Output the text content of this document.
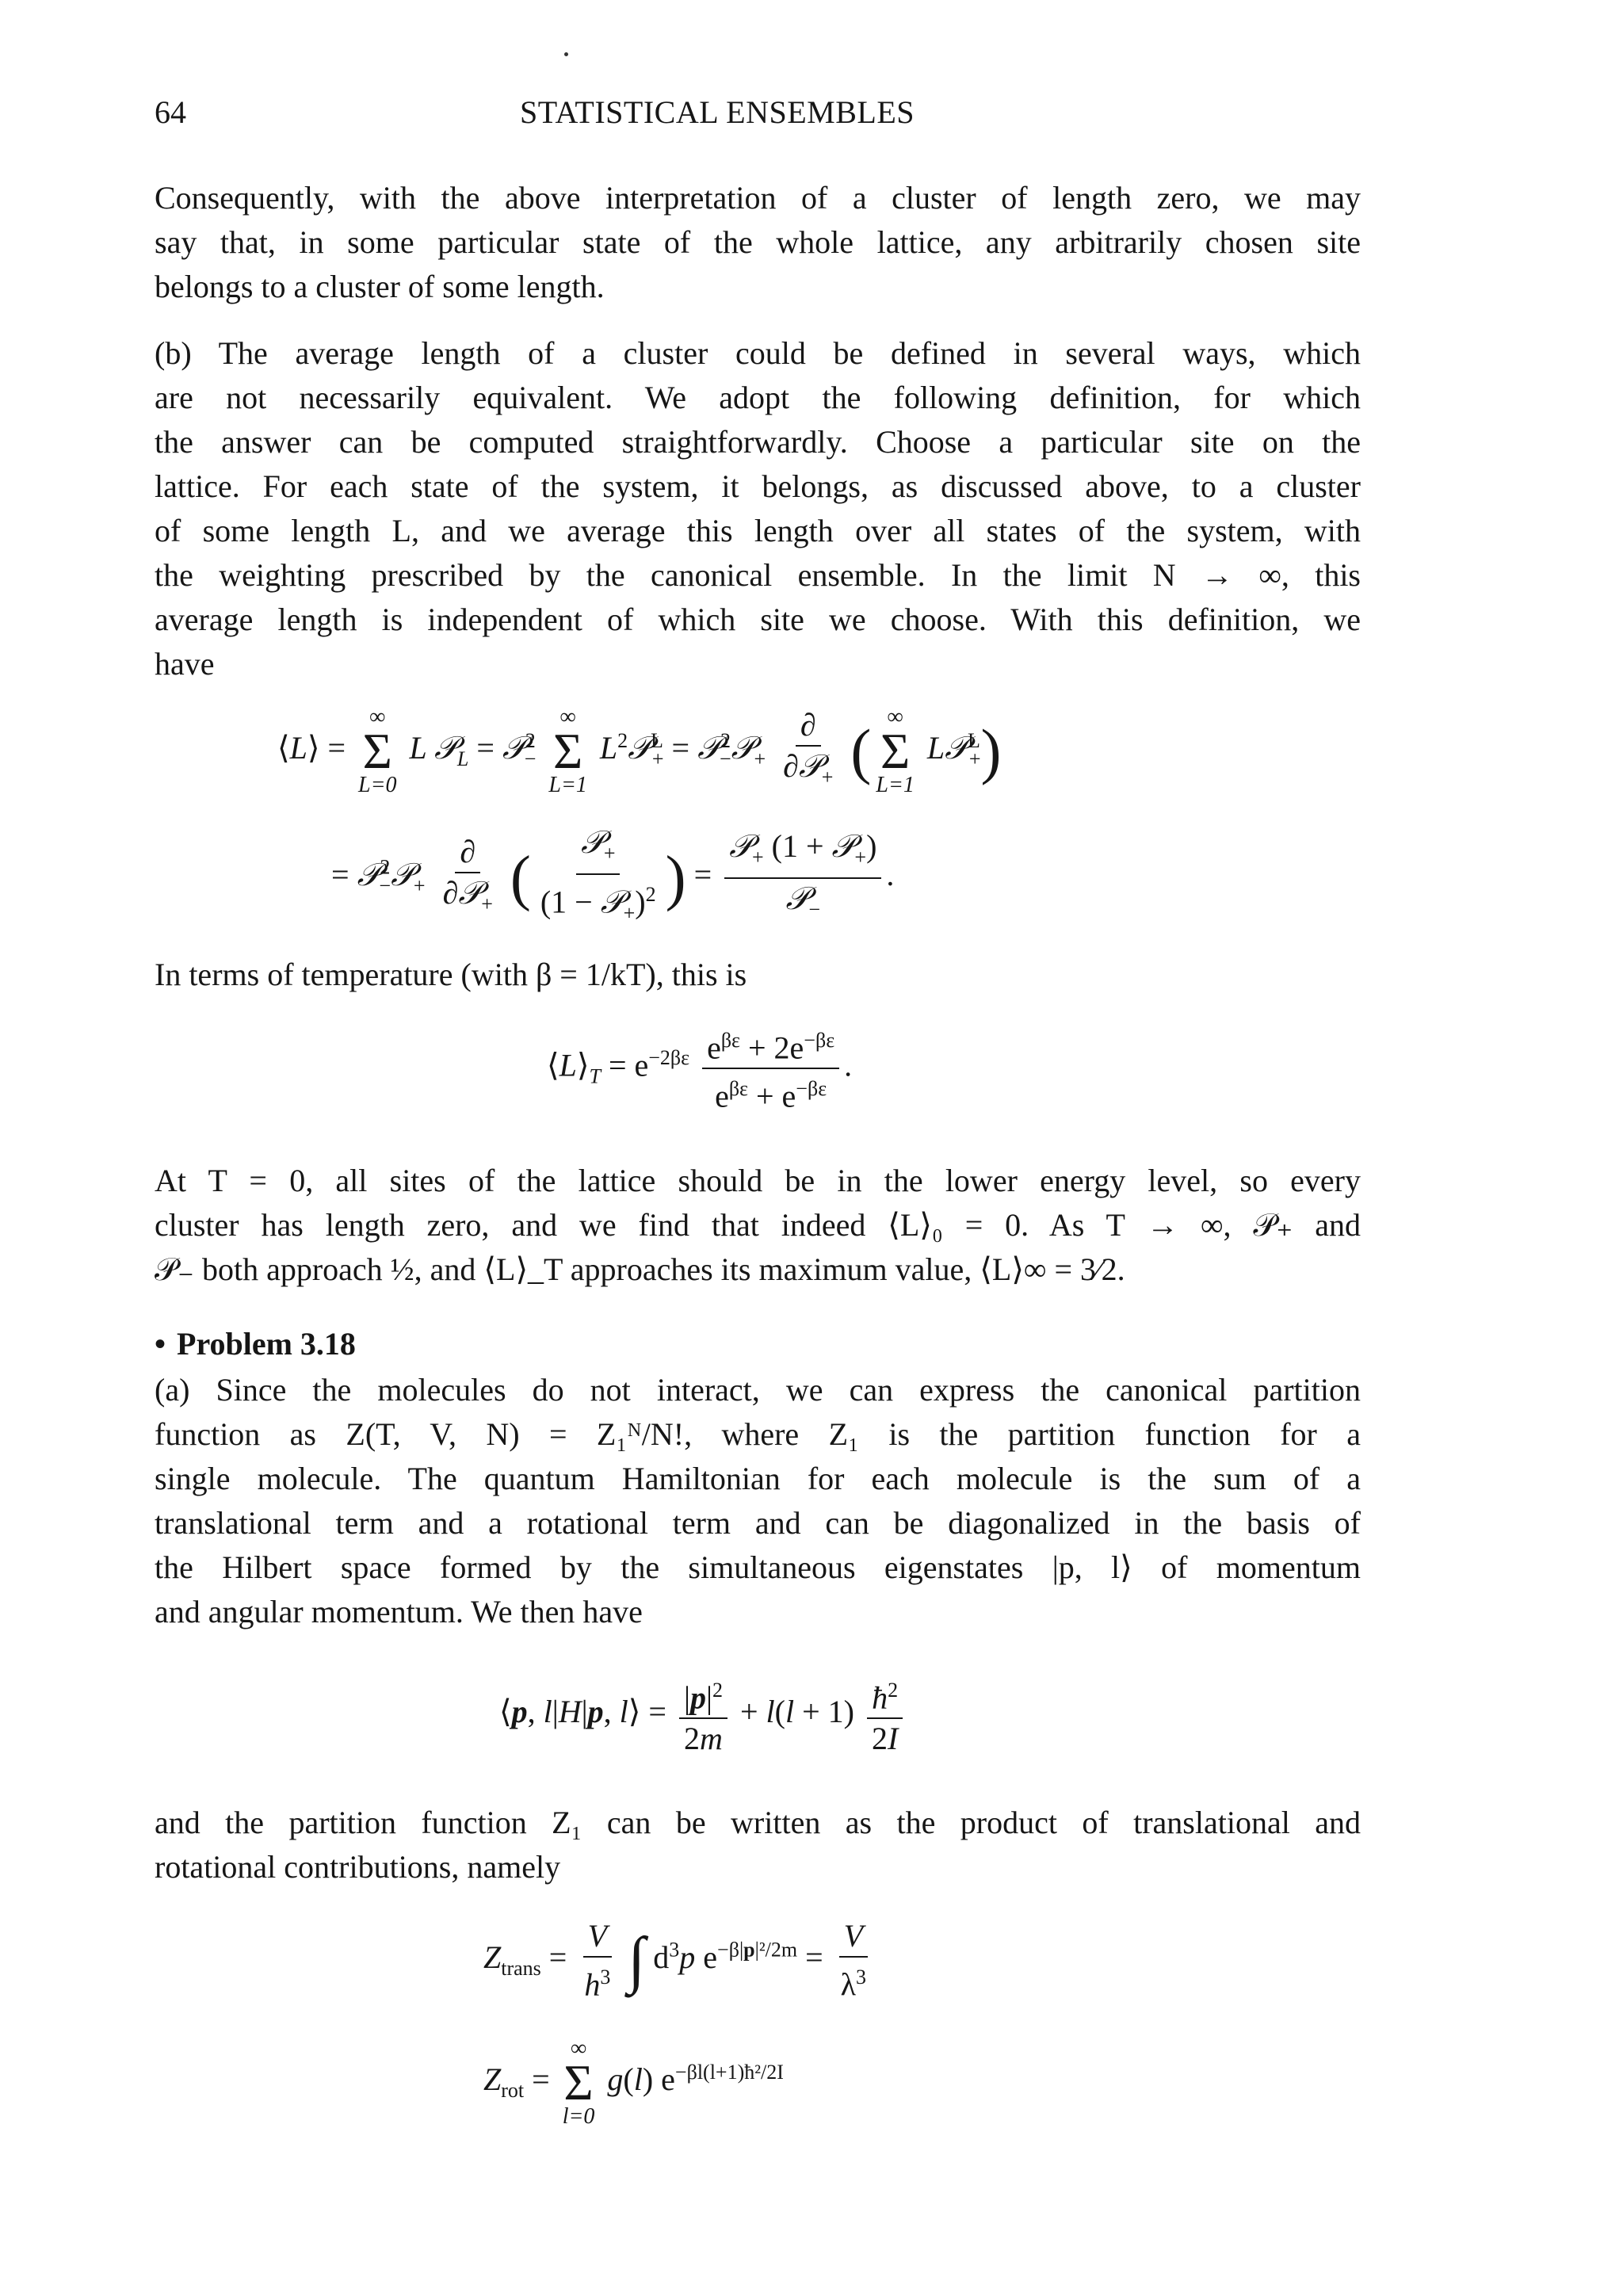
64	STATISTICAL ENSEMBLES
Consequently, with the above interpretation of a cluster of length zero, we may
say that, in some particular state of the whole lattice, any arbitrarily chosen site
belongs to a cluster of some length.
(b) The average length of a cluster could be defined in several ways, which
are not necessarily equivalent. We adopt the following definition, for which
the answer can be computed straightforwardly. Choose a particular site on the
lattice. For each state of the system, it belongs, as discussed above, to a cluster
of some length L, and we average this length over all states of the system, with
the weighting prescribed by the canonical ensemble. In the limit N → ∞, this
average length is independent of which site we choose. With this definition, we
have
⟨L⟩ =
∞
Σ
L=0
L 𝒫$_L$ = 𝒫$^2_-$
∞
Σ
L=1
$L^2𝒫^L_+$ = 𝒫$^2_-$𝒫$_+$ $\frac{\partial}{\partial 𝒫_+}$ ( ∞
Σ
L=1
L𝒫$^L_+$)
= 𝒫$^2_-$𝒫$_+$ $\frac{\partial}{\partial 𝒫_+}$ ( $\frac{𝒫_+}{(1 - 𝒫_+)^2}$ ) = $\frac{𝒫_+ (1 + 𝒫_+)}{𝒫_-}$ .
In terms of temperature (with β = 1/kT), this is
$⟨L⟩_T = e^{-2\beta\varepsilon} \frac{e^{\beta\varepsilon} + 2e^{-\beta\varepsilon}}{e^{\beta\varepsilon} + e^{-\beta\varepsilon}}$ .
At T = 0, all sites of the lattice should be in the lower energy level, so every
cluster has length zero, and we find that indeed ⟨L⟩₀ = 0. As T → ∞, 𝒫₊ and
𝒫₋ both approach ½, and ⟨L⟩_T approaches its maximum value, ⟨L⟩∞ = 3⁄2.
• Problem 3.18
(a) Since the molecules do not interact, we can express the canonical partition
function as Z(T, V, N) = Z₁ᴺ/N!, where Z₁ is the partition function for a
single molecule. The quantum Hamiltonian for each molecule is the sum of a
translational term and a rotational term and can be diagonalized in the basis of
the Hilbert space formed by the simultaneous eigenstates |p, l⟩ of momentum
and angular momentum. We then have
⟨p, l|H|p, l⟩ = $\frac{|p|^2}{2m} + l(l + 1) \frac{ħ^2}{2I}$
and the partition function Z₁ can be written as the product of translational and
rotational contributions, namely
$Z_{trans} = \frac{V}{h^3}$ ∫ $d^3p$ $e^{-\beta|p|^2/2m} = \frac{V}{\lambda^3}$
$Z_{rot}$ =
∞
Σ
l=0
g(l) $e^{-\beta l(l+1)ħ^2/2I}$
